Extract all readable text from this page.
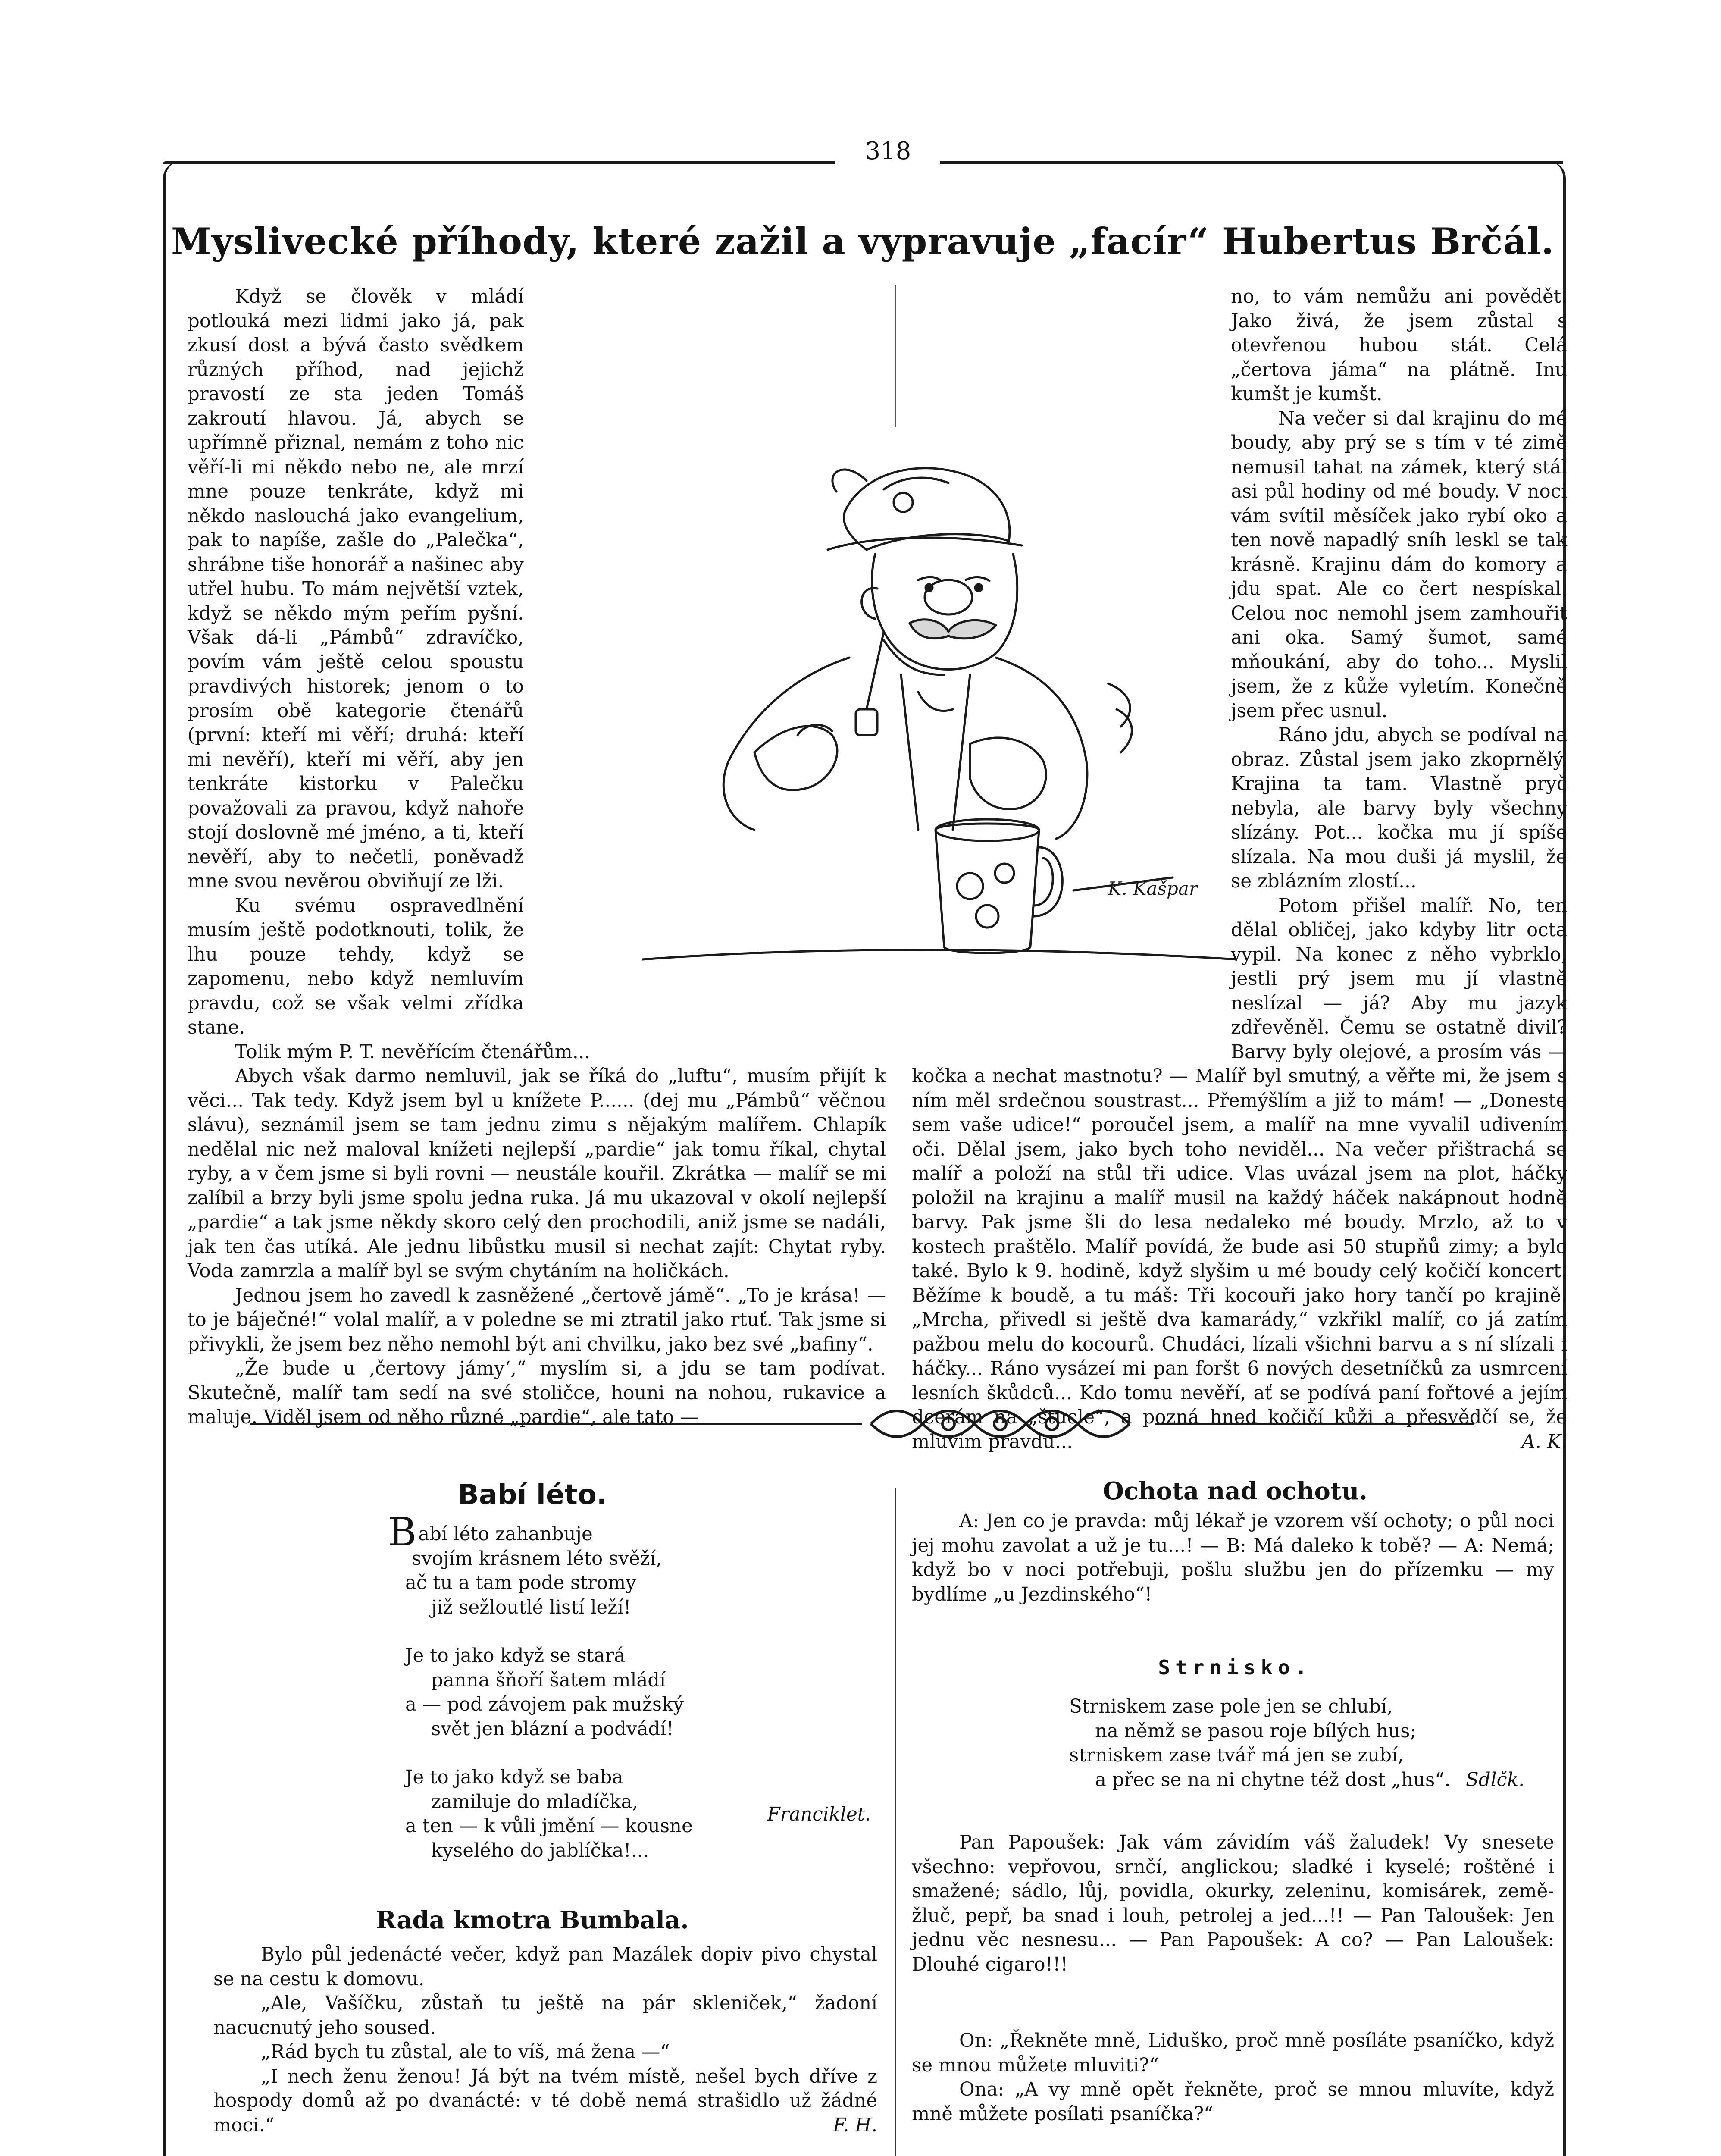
318
Myslivecké příhody, které zažil a vypravuje „facír“ Hubertus Brčál.

Když se člověk v mládí potlouká mezi lidmi jako já, pak zkusí dost a bývá často svědkem různých příhod, nad jejichž pravostí ze sta jeden Tomáš zakroutí hlavou. Já, abych se upřímně přiznal, nemám z toho nic věří-li mi někdo nebo ne, ale mrzí mne pouze tenkráte, když mi někdo naslouchá jako evangelium, pak to napíše, zašle do „Palečka“, shrábne tiše honorář a našinec aby utřel hubu. To mám největší vztek, když se někdo mým peřím pyšní. Však dá-li „Pámbů“ zdravíčko, povím vám ještě celou spoustu pravdivých historek; jenom o to prosím obě kategorie čtenářů (první: kteří mi věří; druhá: kteří mi nevěří), kteří mi věří, aby jen tenkráte kistorku v Palečku považovali za pravou, když nahoře stojí doslovně mé jméno, a ti, kteří nevěří, aby to nečetli, poněvadž mne svou nevěrou obviňují ze lži.

Ku svému ospravedlnění musím ještě podotknouti, tolik, že lhu pouze tehdy, když se zapomenu, nebo když nemluvím pravdu, což se však velmi zřídka stane.

Tolik mým P. T. nevěřícím čtenářům...

Abych však darmo nemluvil, jak se říká do „luftu“, musím přijít k věci... Tak tedy. Když jsem byl u knížete P...... (dej mu „Pámbů“ věčnou slávu), seznámil jsem se tam jednu zimu s nějakým malířem. Chlapík nedělal nic než maloval knížeti nejlepší „pardie“ jak tomu říkal, chytal ryby, a v čem jsme si byli rovni — neustále kouřil. Zkrátka — malíř se mi zalíbil a brzy byli jsme spolu jedna ruka. Já mu ukazoval v okolí nejlepší „pardie“ a tak jsme někdy skoro celý den prochodili, aniž jsme se nadáli, jak ten čas utíká. Ale jednu libůstku musil si nechat zajít: Chytat ryby. Voda zamrzla a malíř byl se svým chytáním na holičkách.

Jednou jsem ho zavedl k zasněžené „čertově jámě“. „To je krása! — to je báječné!“ volal malíř, a v poledne se mi ztratil jako rtuť. Tak jsme si přivykli, že jsem bez něho nemohl být ani chvilku, jako bez své „bafiny“.

„Že bude u ‚čertovy jámy‘,“ myslím si, a jdu se tam podívat. Skutečně, malíř tam sedí na své stoličce, houni na nohou, rukavice a maluje. Viděl jsem od něho různé „pardie“, ale tato —

no, to vám nemůžu ani povědět. Jako živá, že jsem zůstal s otevřenou hubou stát. Celá „čertova jáma“ na plátně. Inu kumšt je kumšt.

Na večer si dal krajinu do mé boudy, aby prý se s tím v té zimě nemusil tahat na zámek, který stál asi půl hodiny od mé boudy. V noci vám svítil měsíček jako rybí oko a ten nově napadlý sníh leskl se tak krásně. Krajinu dám do komory a jdu spat. Ale co čert nespískal. Celou noc nemohl jsem zamhouřit ani oka. Samý šumot, samé mňoukání, aby do toho... Myslil jsem, že z kůže vyletím. Konečně jsem přec usnul.

Ráno jdu, abych se podíval na obraz. Zůstal jsem jako zkoprnělý. Krajina ta tam. Vlastně pryč nebyla, ale barvy byly všechny slízány. Pot... kočka mu jí spíše slízala. Na mou duši já myslil, že se zblázním zlostí...

Potom přišel malíř. No, ten dělal obličej, jako kdyby litr octa vypil. Na konec z něho vybrklo, jestli prý jsem mu jí vlastně neslízal — já? Aby mu jazyk zdřevěněl. Čemu se ostatně divil? Barvy byly olejové, a prosím vás — kočka a nechat mastnotu? — Malíř byl smutný, a věřte mi, že jsem s ním měl srdečnou soustrast... Přemýšlím a již to mám! — „Doneste sem vaše udice!“ poroučel jsem, a malíř na mne vyvalil udivením oči. Dělal jsem, jako bych toho neviděl... Na večer přištrachá se malíř a položí na stůl tři udice. Vlas uvázal jsem na plot, háčky položil na krajinu a malíř musil na každý háček nakápnout hodně barvy. Pak jsme šli do lesa nedaleko mé boudy. Mrzlo, až to v kostech praštělo. Malíř povídá, že bude asi 50 stupňů zimy; a bylo také. Bylo k 9. hodině, když slyšim u mé boudy celý kočičí koncert. Běžíme k boudě, a tu máš: Tři kocouři jako hory tančí po krajině. „Mrcha, přivedl si ještě dva kamarády,“ vzkřikl malíř, co já zatím pažbou melu do kocourů. Chudáci, lízali všichni barvu a s ní slízali i háčky... Ráno vysázeí mi pan foršt 6 nových desetníčků za usmrcení lesních škůdců... Kdo tomu nevěří, ať se podívá paní fořtové a jejím dcerám na „štucle“, a pozná hned kočičí kůži a přesvědčí se, že mluvím pravdu...	A. K.

K. Kašpar
Babí léto.

Babí léto zahanbuje

svojím krásnem léto svěží,

ač tu a tam pode stromy

již sežloutlé listí leží!

Je to jako když se stará

panna šňoří šatem mládí

a — pod závojem pak mužský

svět jen blázní a podvádí!

Je to jako když se baba

zamiluje do mladíčka,

a ten — k vůli jmění — kousne

kyselého do jablíčka!...

Franciklet.
Rada kmotra Bumbala.

Bylo půl jedenácté večer, když pan Mazálek dopiv pivo chystal se na cestu k domovu.

„Ale, Vašíčku, zůstaň tu ještě na pár skleniček,“ žadoní nacucnutý jeho soused.

„Rád bych tu zůstal, ale to víš, má žena —“

„I nech ženu ženou! Já být na tvém místě, nešel bych dříve z hospody domů až po dvanácté: v té době nemá strašidlo už žádné moci.“	F. H.

Ochota nad ochotu.

A: Jen co je pravda: můj lékař je vzorem vší ochoty; o půl noci jej mohu zavolat a už je tu...! — B: Má daleko k tobě? — A: Nemá; když bo v noci potřebuji, pošlu službu jen do přízemku — my bydlíme „u Jezdinského“!

Strnisko.

Strniskem zase pole jen se chlubí,

na němž se pasou roje bílých hus;

strniskem zase tvář má jen se zubí,

a přec se na ni chytne též dost „hus“. Sdlčk.

Pan Papoušek: Jak vám závidím váš žaludek! Vy snesete všechno: vepřovou, srnčí, anglickou; sladké i kyselé; roštěné i smažené; sádlo, lůj, povidla, okurky, zeleninu, komisárek, země-žluč, pepř, ba snad i louh, petrolej a jed...!! — Pan Taloušek: Jen jednu věc nesnesu... — Pan Papoušek: A co? — Pan Laloušek: Dlouhé cigaro!!!

On: „Řekněte mně, Liduško, proč mně posíláte psaníčko, když se mnou můžete mluviti?“

Ona: „A vy mně opět řekněte, proč se mnou mluvíte, když mně můžete posílati psaníčka?“
